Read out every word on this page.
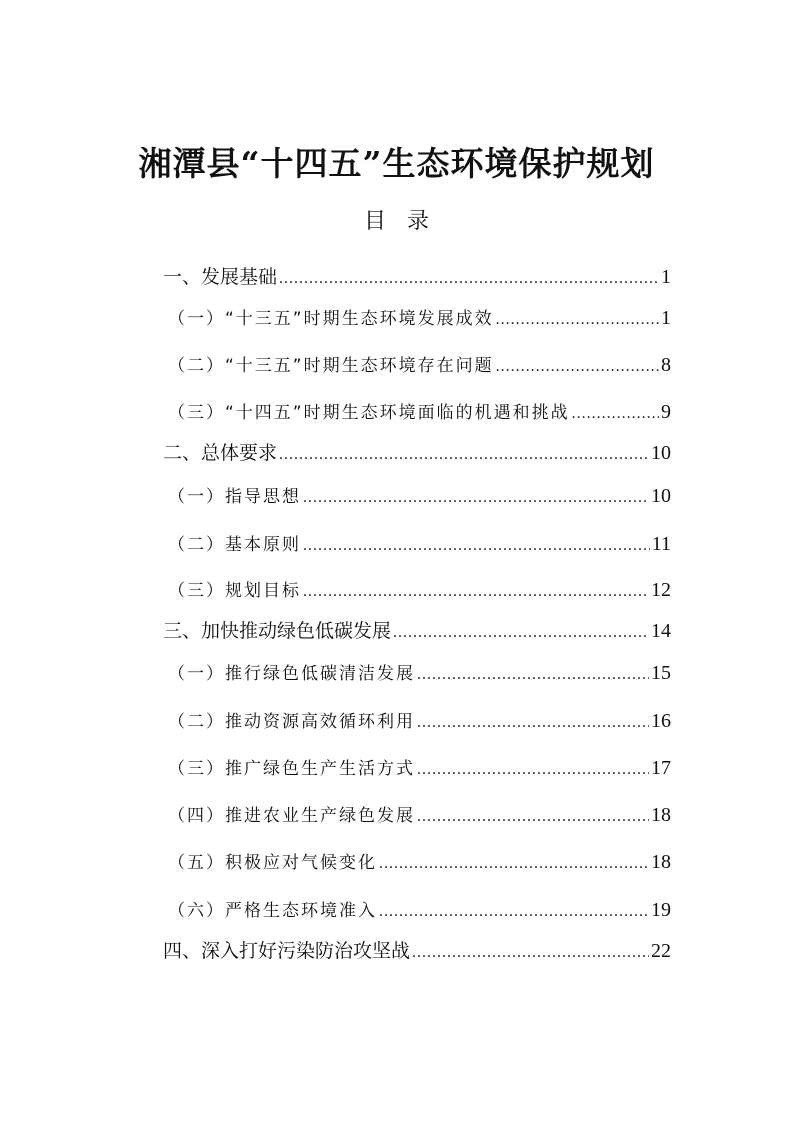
湘潭县“十四五”生态环境保护规划
目 录
一、发展基础 .....	1
（一）“十三五”时期生态环境发展成效 .....	1
（二）“十三五”时期生态环境存在问题 .....	8
（三）“十四五”时期生态环境面临的机遇和挑战 .....	9
二、总体要求 .....	10
（一）指导思想 .....	10
（二）基本原则 .....	11
（三）规划目标 .....	12
三、加快推动绿色低碳发展 .....	14
（一）推行绿色低碳清洁发展 .....	15
（二）推动资源高效循环利用 .....	16
（三）推广绿色生产生活方式 .....	17
（四）推进农业生产绿色发展 .....	18
（五）积极应对气候变化 .....	18
（六）严格生态环境准入 .....	19
四、深入打好污染防治攻坚战 .....	22
